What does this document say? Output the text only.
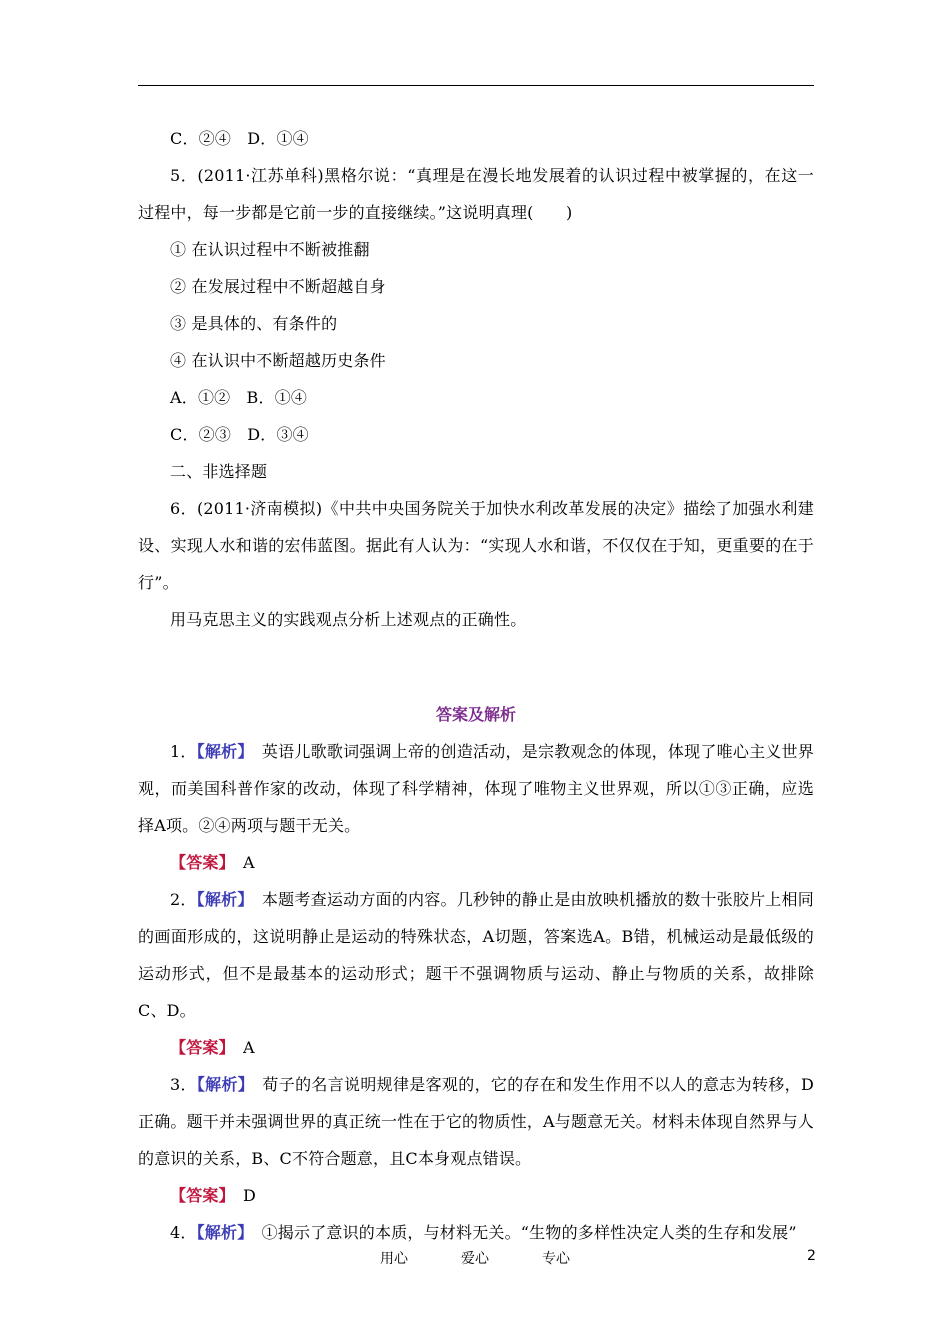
C．②④　D．①④

5．(2011·江苏单科)黑格尔说：“真理是在漫长地发展着的认识过程中被掌握的，在这一过程中，每一步都是它前一步的直接继续。”这说明真理(　　)

① 在认识过程中不断被推翻

② 在发展过程中不断超越自身

③ 是具体的、有条件的

④ 在认识中不断超越历史条件

A．①②　B．①④

C．②③　D．③④

二、非选择题

6．(2011·济南模拟)《中共中央国务院关于加快水利改革发展的决定》描绘了加强水利建设、实现人水和谐的宏伟蓝图。据此有人认为：“实现人水和谐，不仅仅在于知，更重要的在于行”。

用马克思主义的实践观点分析上述观点的正确性。

答案及解析

1．【解析】　英语儿歌歌词强调上帝的创造活动，是宗教观念的体现，体现了唯心主义世界观，而美国科普作家的改动，体现了科学精神，体现了唯物主义世界观，所以①③正确，应选择A项。②④两项与题干无关。

【答案】　A

2．【解析】　本题考查运动方面的内容。几秒钟的静止是由放映机播放的数十张胶片上相同的画面形成的，这说明静止是运动的特殊状态，A切题，答案选A。B错，机械运动是最低级的运动形式，但不是最基本的运动形式；题干不强调物质与运动、静止与物质的关系，故排除C、D。

【答案】　A

3．【解析】　荀子的名言说明规律是客观的，它的存在和发生作用不以人的意志为转移，D正确。题干并未强调世界的真正统一性在于它的物质性，A与题意无关。材料未体现自然界与人的意识的关系，B、C不符合题意，且C本身观点错误。

【答案】　D

4．【解析】　①揭示了意识的本质，与材料无关。“生物的多样性决定人类的生存和发展”

用心	爱心	专心	2
